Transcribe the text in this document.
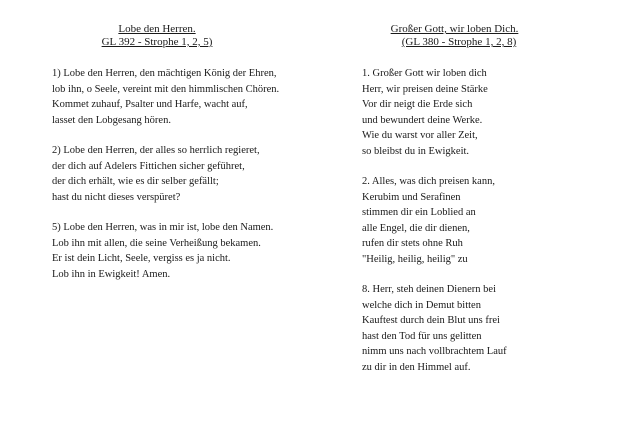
Lobe den Herren.

GL 392 - Strophe 1, 2, 5)

1) Lobe den Herren, den mächtigen König der Ehren,
lob ihn, o Seele, vereint mit den himmlischen Chören.
Kommet zuhauf, Psalter und Harfe, wacht auf,
lasset den Lobgesang hören.
2) Lobe den Herren, der alles so herrlich regieret,
der dich auf Adelers Fittichen sicher geführet,
der dich erhält, wie es dir selber gefällt;
hast du nicht dieses verspüret?
5) Lobe den Herren, was in mir ist, lobe den Namen.
Lob ihn mit allen, die seine Verheißung bekamen.
Er ist dein Licht, Seele, vergiss es ja nicht.
Lob ihn in Ewigkeit! Amen.

Großer Gott, wir loben Dich.

(GL 380 - Strophe 1, 2, 8)

1. Großer Gott wir loben dich
Herr, wir preisen deine Stärke
Vor dir neigt die Erde sich
und bewundert deine Werke.
Wie du warst vor aller Zeit,
so bleibst du in Ewigkeit.
2. Alles, was dich preisen kann,
Kerubim und Serafinen
stimmen dir ein Loblied an
alle Engel, die dir dienen,
rufen dir stets ohne Ruh
"Heilig, heilig, heilig" zu
8. Herr, steh deinen Dienern bei
welche dich in Demut bitten
Kauftest durch dein Blut uns frei
hast den Tod für uns gelitten
nimm uns nach vollbrachtem Lauf
zu dir in den Himmel auf.
